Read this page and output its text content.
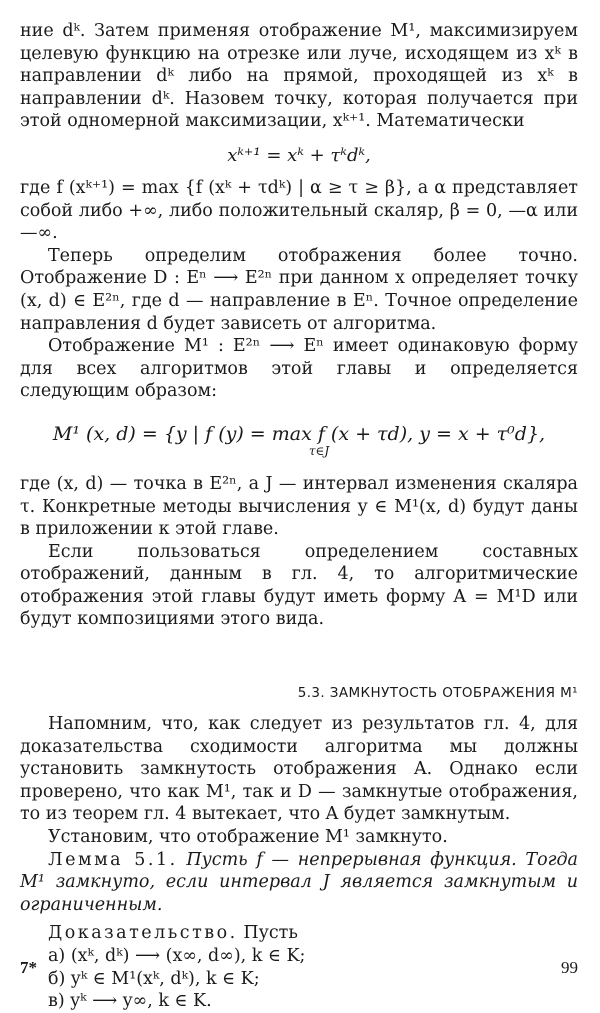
ние dᵏ. Затем применяя отображение M¹, максимизируем целевую функцию на отрезке или луче, исходящем из xᵏ в направлении dᵏ либо на прямой, проходящей из xᵏ в направлении dᵏ. Назовем точку, которая получается при этой одномерной максимизации, xᵏ⁺¹. Математически

xᵏ⁺¹ = xᵏ + τᵏdᵏ,

где f (xᵏ⁺¹) = max {f (xᵏ + τdᵏ) | α ≥ τ ≥ β}, а α представляет собой либо +∞, либо положительный скаляр, β = 0, —α или —∞.

Теперь определим отображения более точно. Отображение D : Eⁿ ⟶ E²ⁿ при данном x определяет точку (x, d) ∈ E²ⁿ, где d — направление в Eⁿ. Точное определение направления d будет зависеть от алгоритма.

Отображение M¹ : E²ⁿ ⟶ Eⁿ имеет одинаковую форму для всех алгоритмов этой главы и определяется следующим образом:

M¹ (x, d) = {y | f (y) = max f (x + τd), y = x + τ⁰d},
τ∈J

где (x, d) — точка в E²ⁿ, а J — интервал изменения скаляра τ. Конкретные методы вычисления y ∈ M¹(x, d) будут даны в приложении к этой главе.

Если пользоваться определением составных отображений, данным в гл. 4, то алгоритмические отображения этой главы будут иметь форму A = M¹D или будут композициями этого вида.

5.3. ЗАМКНУТОСТЬ ОТОБРАЖЕНИЯ M¹

Напомним, что, как следует из результатов гл. 4, для доказательства сходимости алгоритма мы должны установить замкнутость отображения A. Однако если проверено, что как M¹, так и D — замкнутые отображения, то из теорем гл. 4 вытекает, что A будет замкнутым.

Установим, что отображение M¹ замкнуто.

Лемма 5.1. Пусть f — непрерывная функция. Тогда M¹ замкнуто, если интервал J является замкнутым и ограниченным.

Доказательство. Пусть

а) (xᵏ, dᵏ) ⟶ (x∞, d∞), k ∈ K;

б) yᵏ ∈ M¹(xᵏ, dᵏ), k ∈ K;

в) yᵏ ⟶ y∞, k ∈ K.

7*	99
